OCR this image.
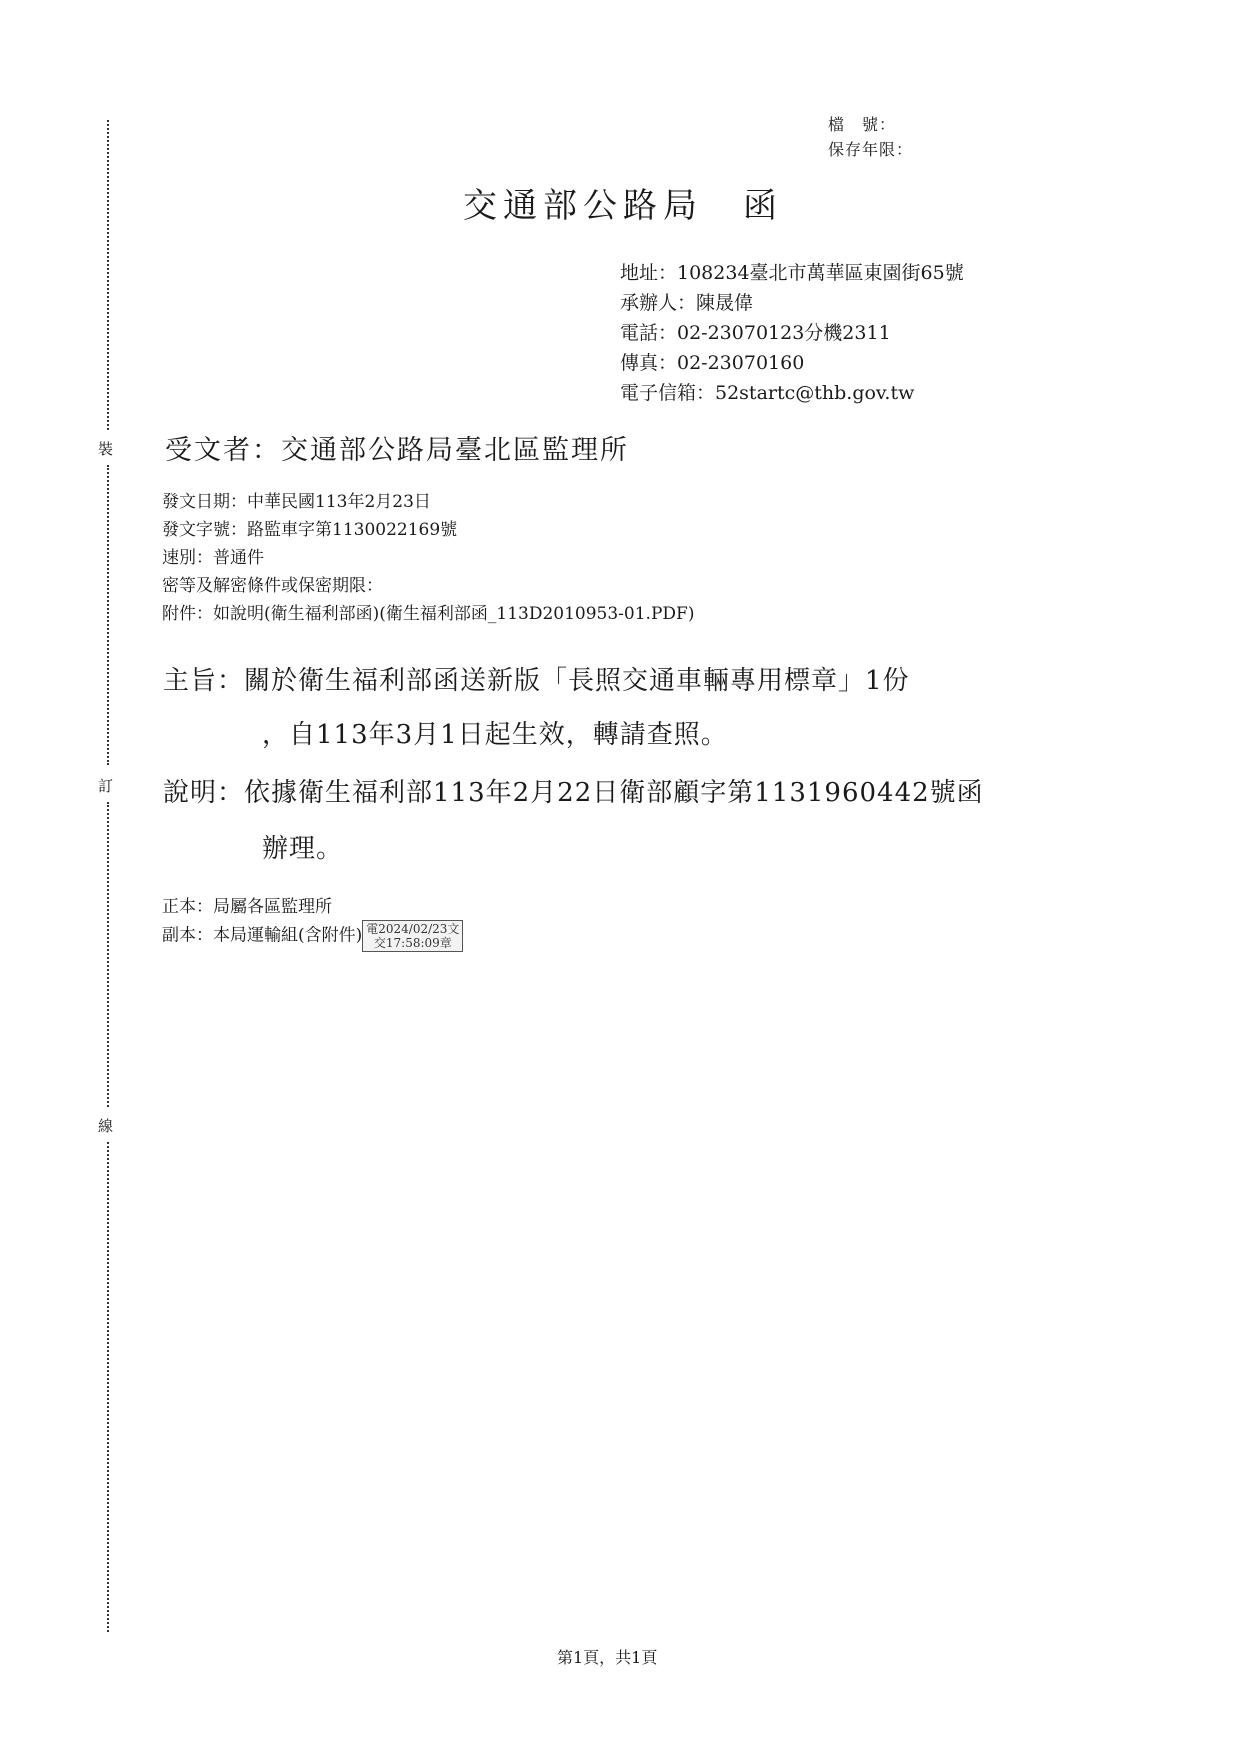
裝
訂
線
檔　號：
保存年限：
交通部公路局　函
地址：108234臺北市萬華區東園街65號
承辦人：陳晟偉
電話：02-23070123分機2311
傳真：02-23070160
電子信箱：52startc@thb.gov.tw
受文者：交通部公路局臺北區監理所
發文日期：中華民國113年2月23日
發文字號：路監車字第1130022169號
速別：普通件
密等及解密條件或保密期限：
附件：如說明(衛生福利部函)(衛生福利部函_113D2010953-01.PDF)
主旨：關於衛生福利部函送新版「長照交通車輛專用標章」1份
，自113年3月1日起生效，轉請查照。
說明：依據衛生福利部113年2月22日衛部顧字第1131960442號函
辦理。
正本：局屬各區監理所
副本：本局運輸組(含附件) 電2024/02/23文
交17:58:09章
第1頁，共1頁
